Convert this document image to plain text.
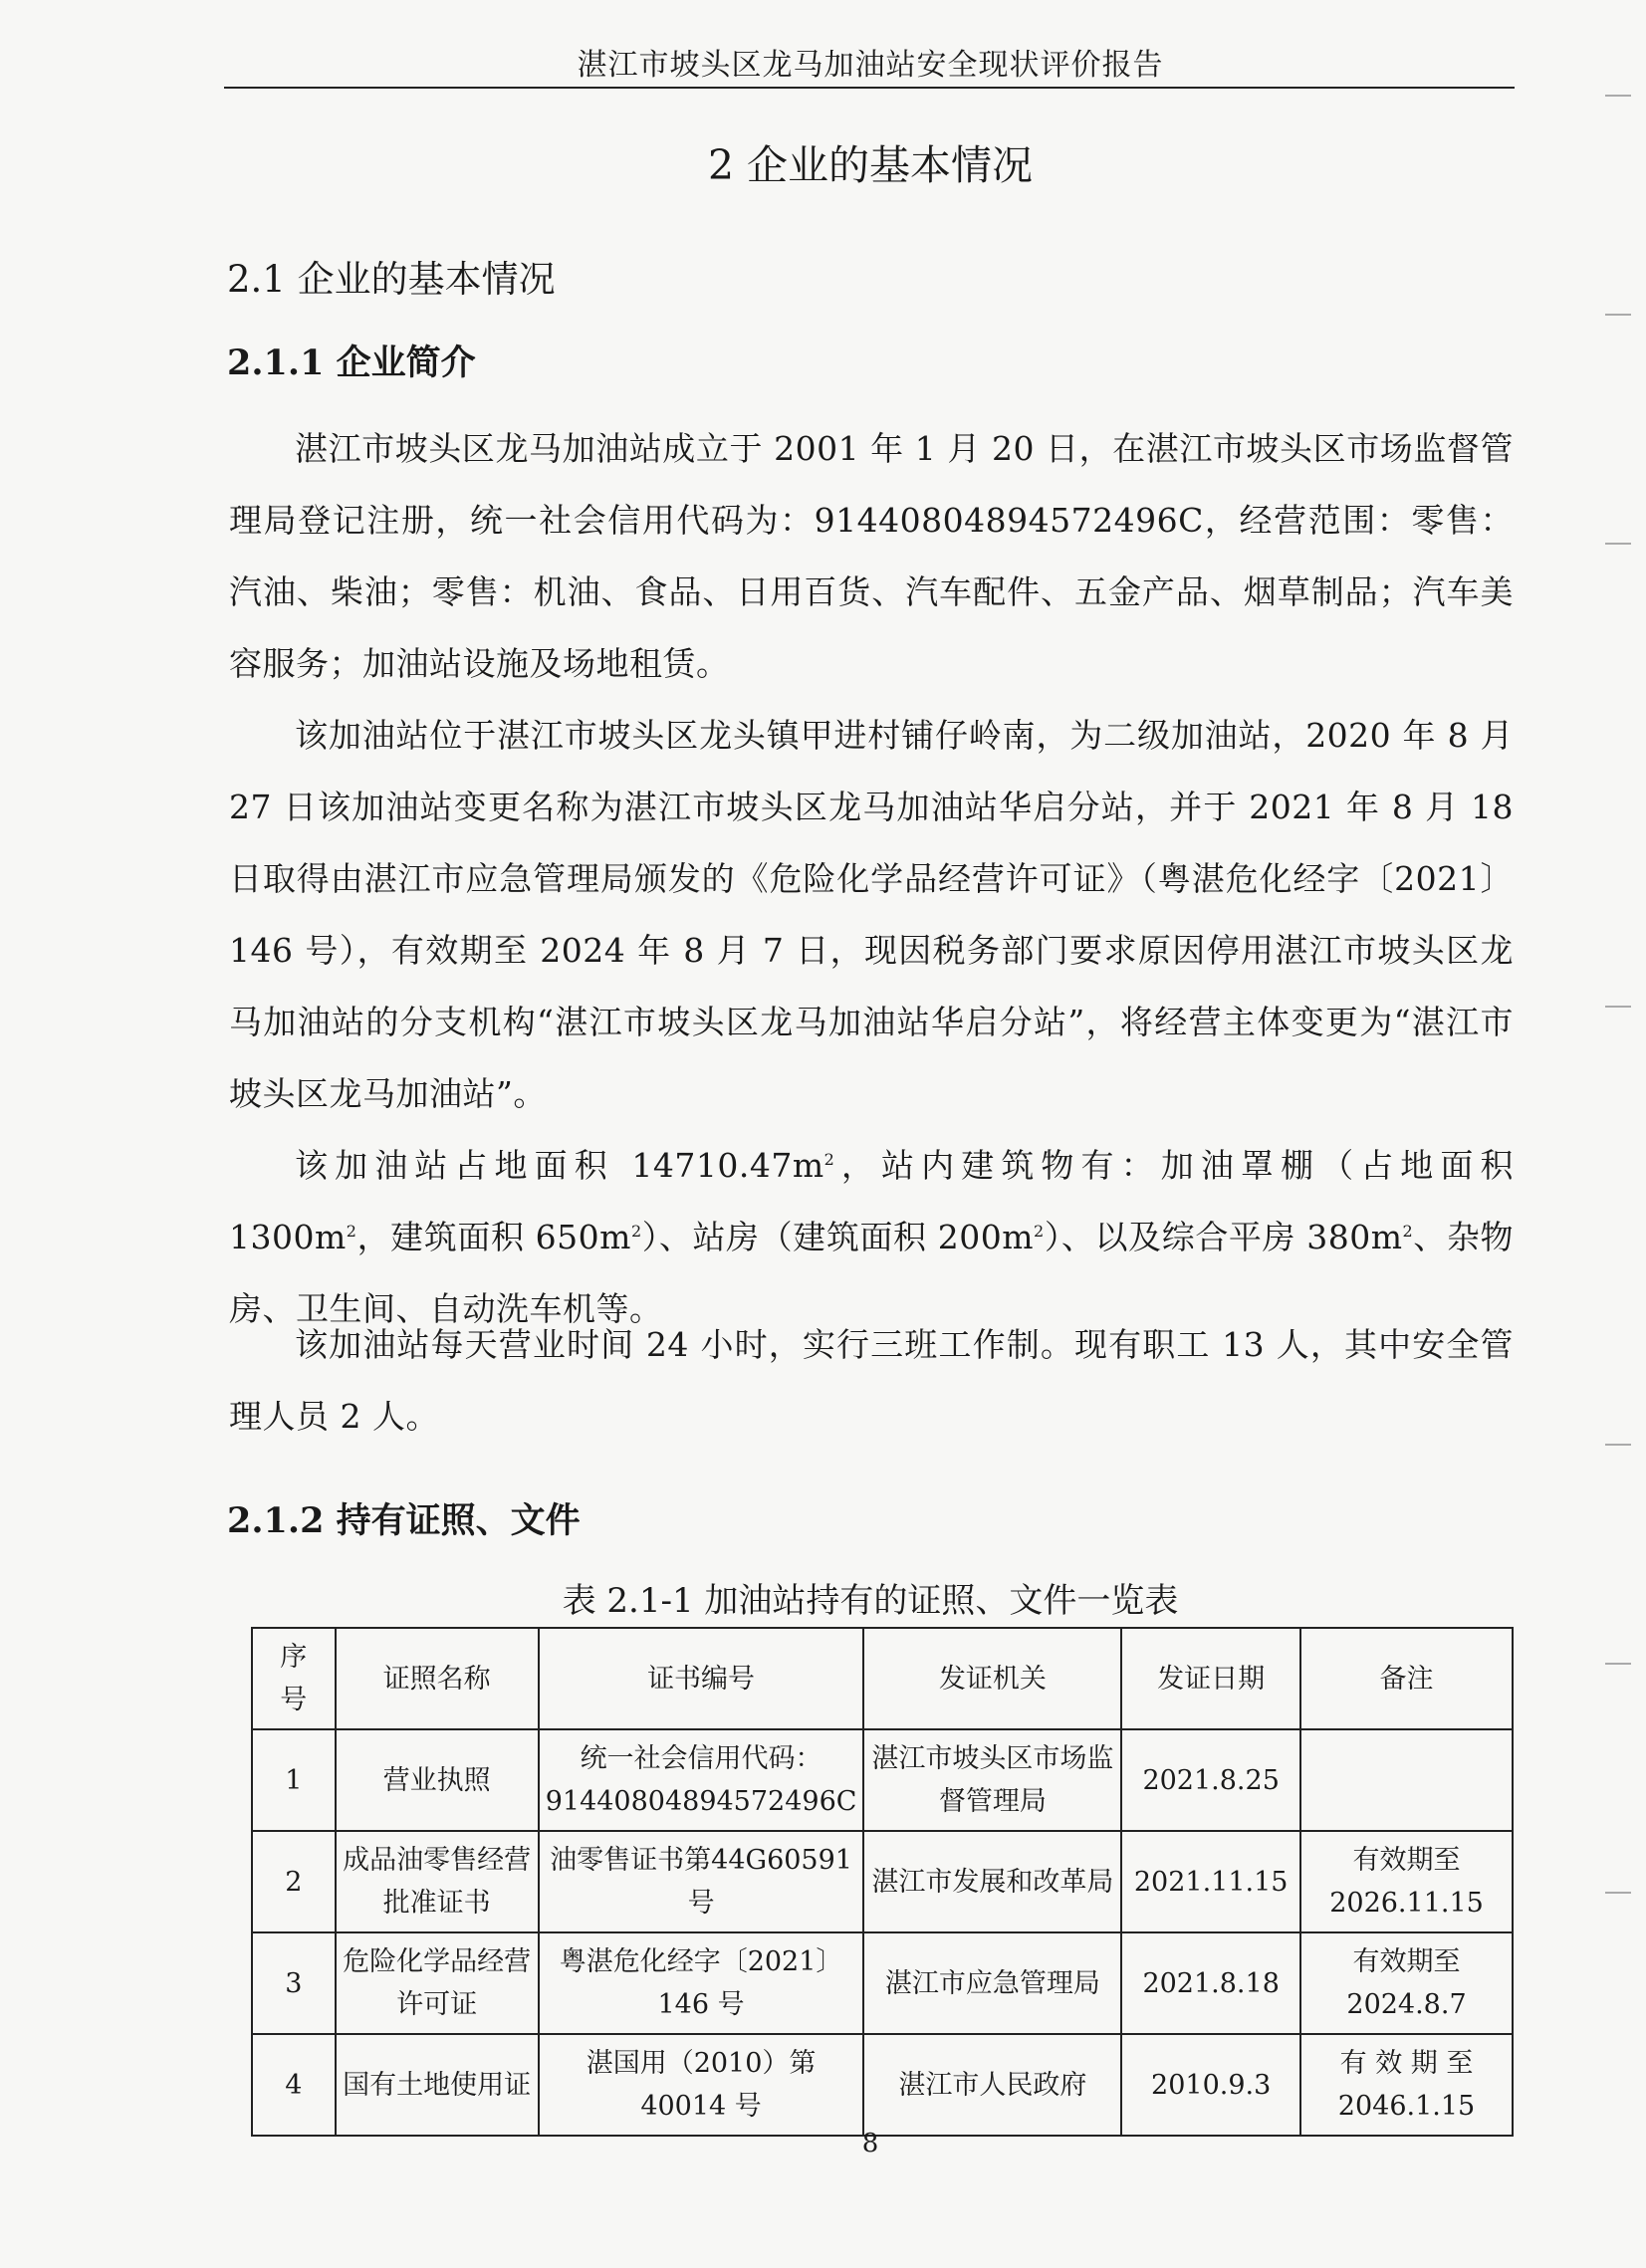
湛江市坡头区龙马加油站安全现状评价报告
2 企业的基本情况
2.1 企业的基本情况
2.1.1 企业简介

湛江市坡头区龙马加油站成立于 2001 年 1 月 20 日，在湛江市坡头区市场监督管理局登记注册，统一社会信用代码为：91440804894572496C，经营范围：零售：汽油、柴油；零售：机油、食品、日用百货、汽车配件、五金产品、烟草制品；汽车美容服务；加油站设施及场地租赁。

该加油站位于湛江市坡头区龙头镇甲进村铺仔岭南，为二级加油站，2020 年 8 月 27 日该加油站变更名称为湛江市坡头区龙马加油站华启分站，并于 2021 年 8 月 18 日取得由湛江市应急管理局颁发的《危险化学品经营许可证》（粤湛危化经字〔2021〕146 号），有效期至 2024 年 8 月 7 日，现因税务部门要求原因停用湛江市坡头区龙马加油站的分支机构“湛江市坡头区龙马加油站华启分站”，将经营主体变更为“湛江市坡头区龙马加油站”。

该加油站占地面积 $14710.47m^2$，站内建筑物有：加油罩棚（占地面积 $1300m^2$，建筑面积 $650m^2$）、站房（建筑面积 $200m^2$）、以及综合平房 $380m^2$、杂物房、卫生间、自动洗车机等。

该加油站每天营业时间 24 小时，实行三班工作制。现有职工 13 人，其中安全管理人员 2 人。

2.1.2 持有证照、文件
表 2.1-1 加油站持有的证照、文件一览表
序号	证照名称	证书编号	发证机关	发证日期	备注
1	营业执照	统一社会信用代码：91440804894572496C	湛江市坡头区市场监督管理局	2021.8.25	
2	成品油零售经营批准证书	油零售证书第44G60591 号	湛江市发展和改革局	2021.11.15	有效期至2026.11.15
3	危险化学品经营许可证	粤湛危化经字〔2021〕146 号	湛江市应急管理局	2021.8.18	有效期至2024.8.7
4	国有土地使用证	湛国用（2010）第40014 号	湛江市人民政府	2010.9.3	有 效 期 至2046.1.15
8
